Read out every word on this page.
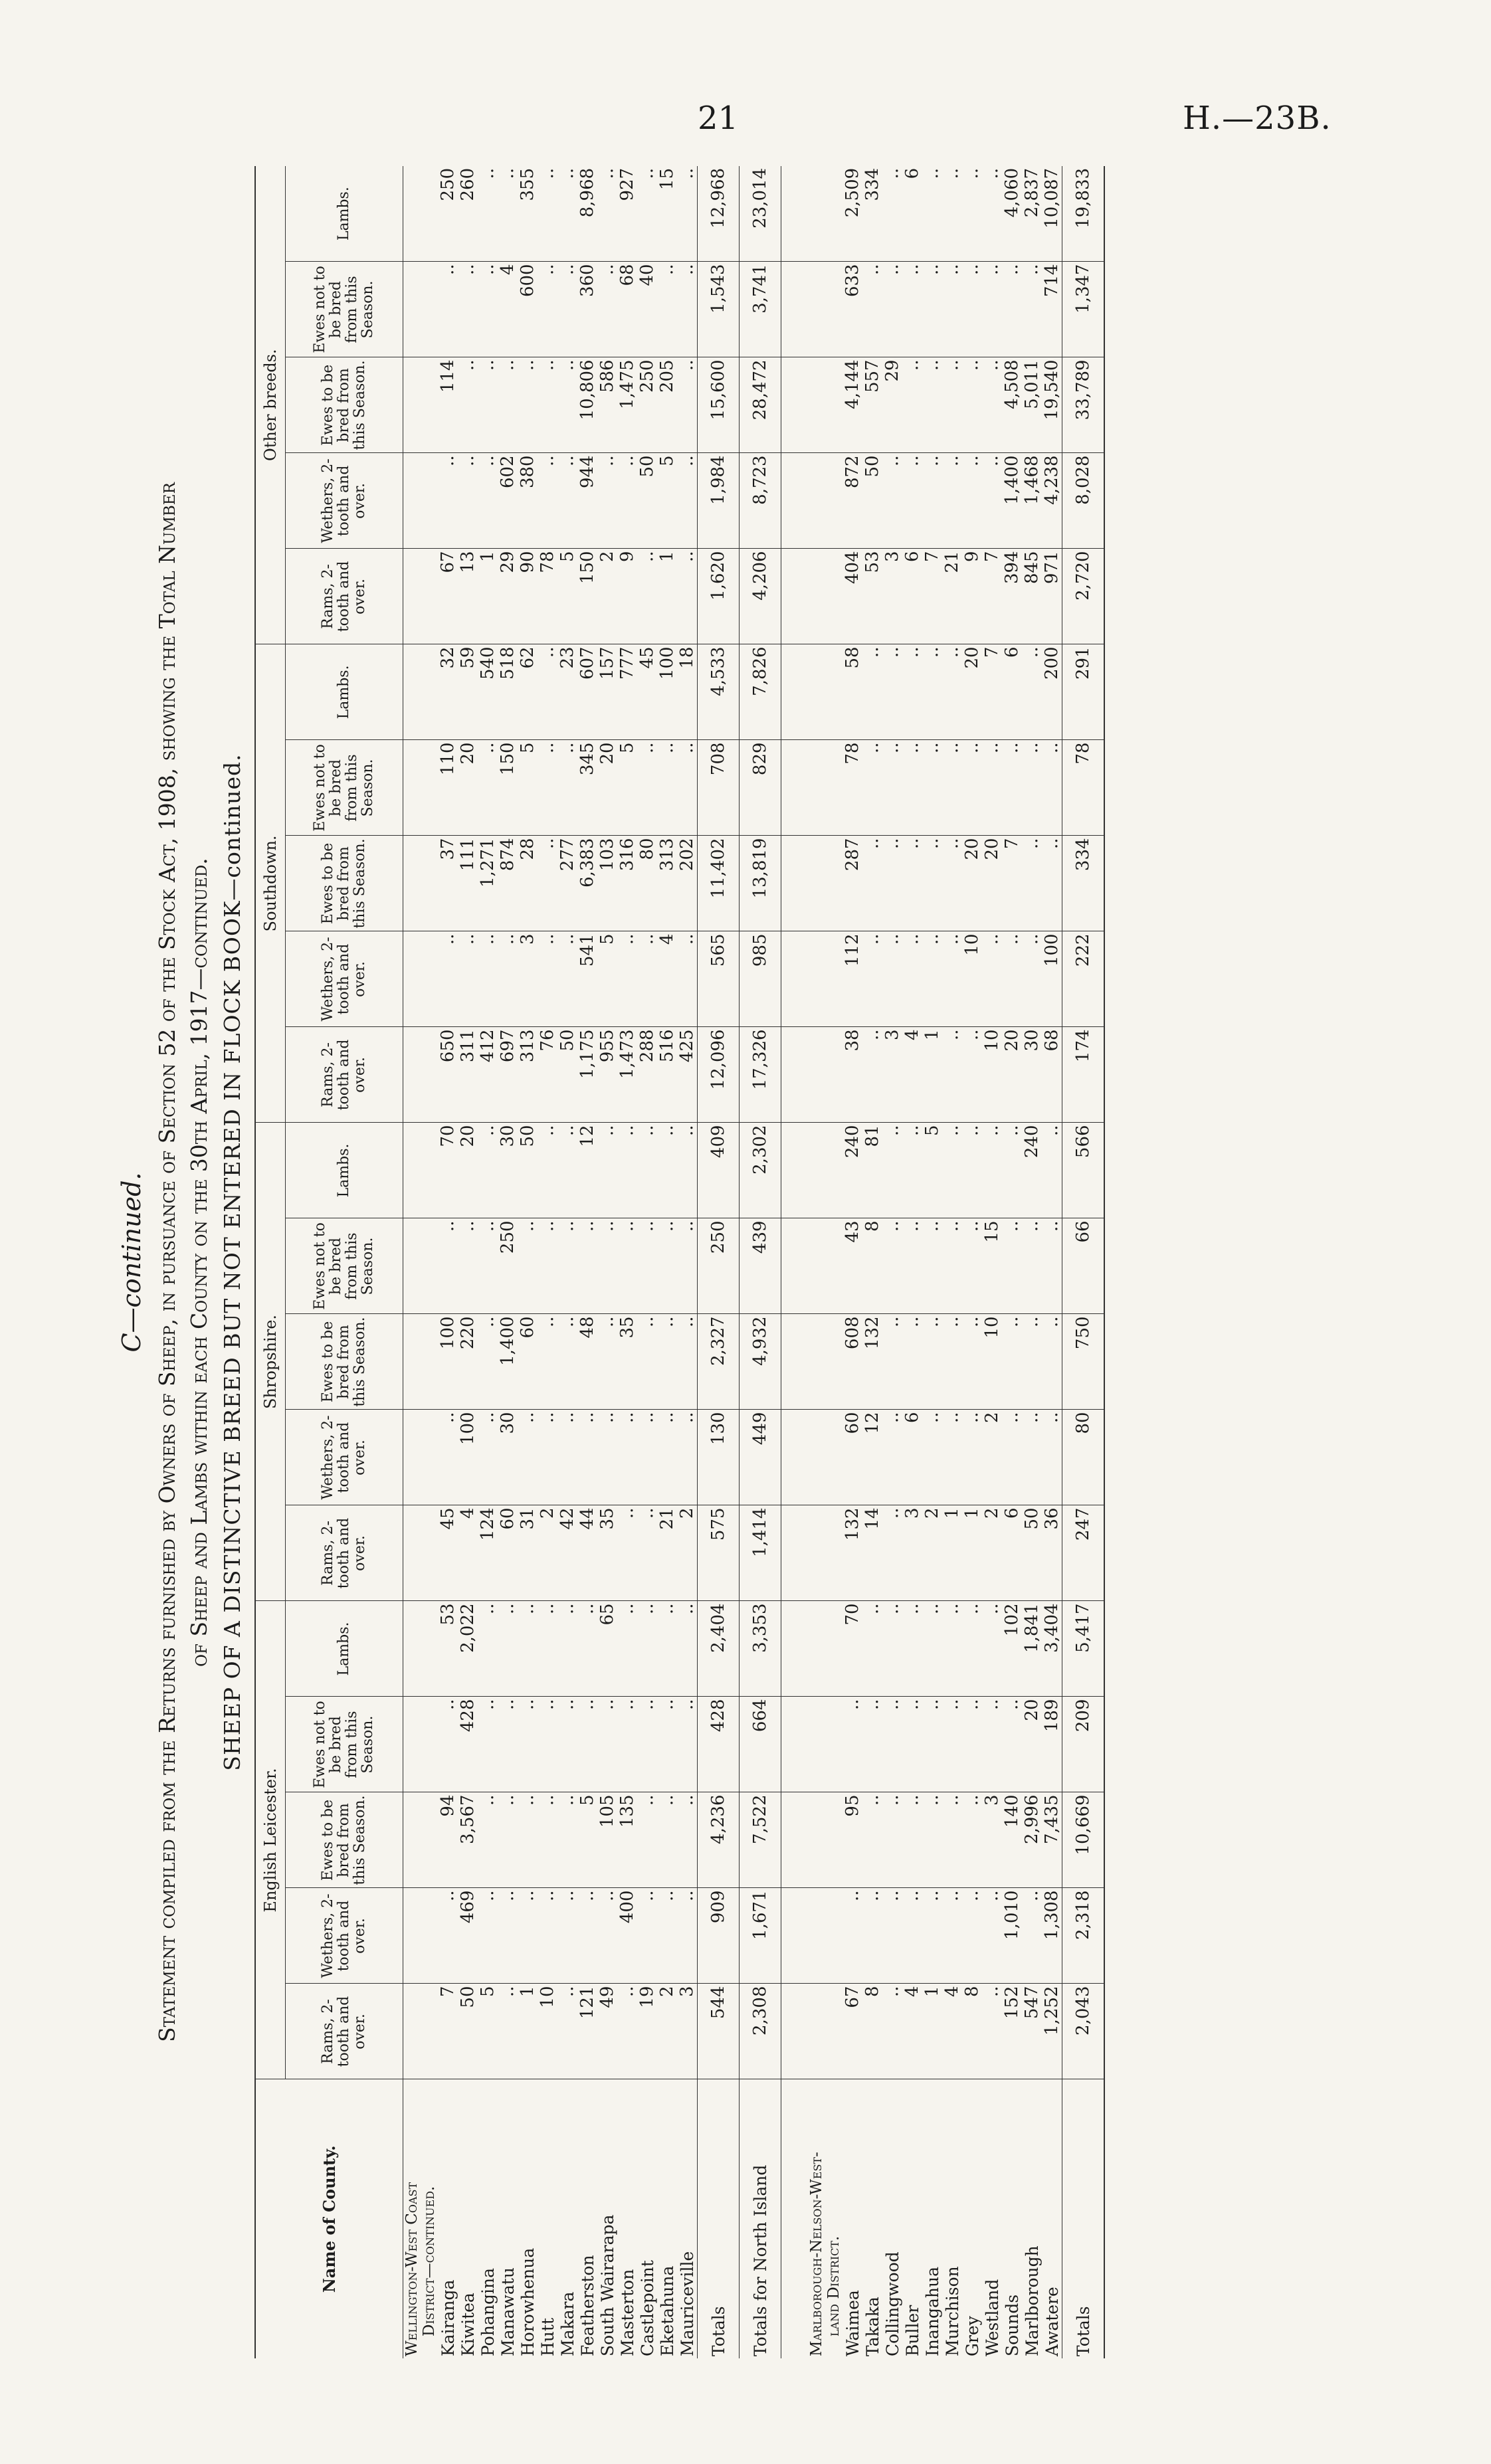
21	H.—23B.
C—continued. Statement compiled from the Returns furnished by Owners of Sheep, in pursuance of Section 52 of the Stock Act, 1908, showing the Total Number of Sheep and Lambs within each County on the 30th April, 1917—continued. SHEEP OF A DISTINCTIVE BREED BUT NOT ENTERED IN FLOCK BOOK—continued.
Name of County.	English Leicester.					Shropshire.					Southdown.					Other breeds.				
	Rams, 2-tooth and over.	Wethers, 2-tooth and over.	Ewes to be bred from this Season.	Ewes not to be bred from this Season.	Lambs.	Rams, 2-tooth and over.	Wethers, 2-tooth and over.	Ewes to be bred from this Season.	Ewes not to be bred from this Season.	Lambs.	Rams, 2-tooth and over.	Wethers, 2-tooth and over.	Ewes to be bred from this Season.	Ewes not to be bred from this Season.	Lambs.	Rams, 2-tooth and over.	Wethers, 2-tooth and over.	Ewes to be bred from this Season.	Ewes not to be bred from this Season.	Lambs.

Wellington-West Coast District—continued.																				

Kairanga	7	..	94	..	53	45	..	100	..	70	650	..	37	110	32	67	..	114	..	250
Kiwitea	50	469	3,567	428	2,022	4	100	220	..	20	311	..	111	20	59	13	..	..	..	260
Pohangina	5	..	..	..	..	124	..	..	..	..	412	..	1,271	..	540	1	..	..	..	..
Manawatu	..	..	..	..	..	60	30	1,400	250	30	697	..	874	150	518	29	602	..	4	..
Horowhenua	1	..	..	..	..	31	..	60	..	50	313	3	28	5	62	90	380	..	600	355
Hutt	10	..	..	..	..	2	..	..	..	..	76	..	..	..	..	78	..	..	..	..
Makara	..	..	..	..	..	42	..	..	..	..	50	..	277	..	23	5	..	..	..	..
Featherston	121	..	5	..	..	44	..	48	..	12	1,175	541	6,383	345	607	150	944	10,806	360	8,968
South Wairarapa	49	..	105	..	65	35	..	..	..	..	955	5	103	20	157	2	..	586	..	..
Masterton	..	400	135	..	..	..	..	35	..	..	1,473	..	316	5	777	9	..	1,475	68	927
Castlepoint	19	..	..	..	..	..	..	..	..	..	288	..	80	..	45	..	50	250	40	..
Eketahuna	2	..	..	..	..	21	..	..	..	..	516	4	313	..	100	1	5	205	..	15
Mauriceville	3	..	..	..	..	2	..	..	..	..	425	..	202	..	18	..	..	..	..	..
Totals	544	909	4,236	428	2,404	575	130	2,327	250	409	12,096	565	11,402	708	4,533	1,620	1,984	15,600	1,543	12,968
Totals for North Island	2,308	1,671	7,522	664	3,353	1,414	449	4,932	439	2,302	17,326	985	13,819	829	7,826	4,206	8,723	28,472	3,741	23,014

Marlborough-Nelson-West- land District.																				

Waimea	67	..	95	..	70	132	60	608	43	240	38	112	287	78	58	404	872	4,144	633	2,509
Takaka	8	..	..	..	..	14	12	132	8	81	..	..	..	..	..	53	50	557	..	334
Collingwood	..	..	..	..	..	..	..	..	..	..	3	..	..	..	..	3	..	29	..	..
Buller	4	..	..	..	..	3	6	..	..	..	4	..	..	..	..	6	..	..	..	6
Inangahua	1	..	..	..	..	2	..	..	..	5	1	..	..	..	..	7	..	..	..	..
Murchison	4	..	..	..	..	1	..	..	..	..	..	..	..	..	..	21	..	..	..	..
Grey	8	..	..	..	..	1	..	..	..	..	..	10	20	..	20	9	..	..	..	..
Westland	..	..	3	..	..	2	2	10	15	..	10	..	20	..	7	7	..	..	..	..
Sounds	152	1,010	140	..	102	6	..	..	..	..	20	..	7	..	6	394	1,400	4,508	..	4,060
Marlborough	547	..	2,996	20	1,841	50	..	..	..	240	30	..	..	..	..	845	1,468	5,011	..	2,837
Awatere	1,252	1,308	7,435	189	3,404	36	..	..	..	..	68	100	..	..	200	971	4,238	19,540	714	10,087
Totals	2,043	2,318	10,669	209	5,417	247	80	750	66	566	174	222	334	78	291	2,720	8,028	33,789	1,347	19,833
